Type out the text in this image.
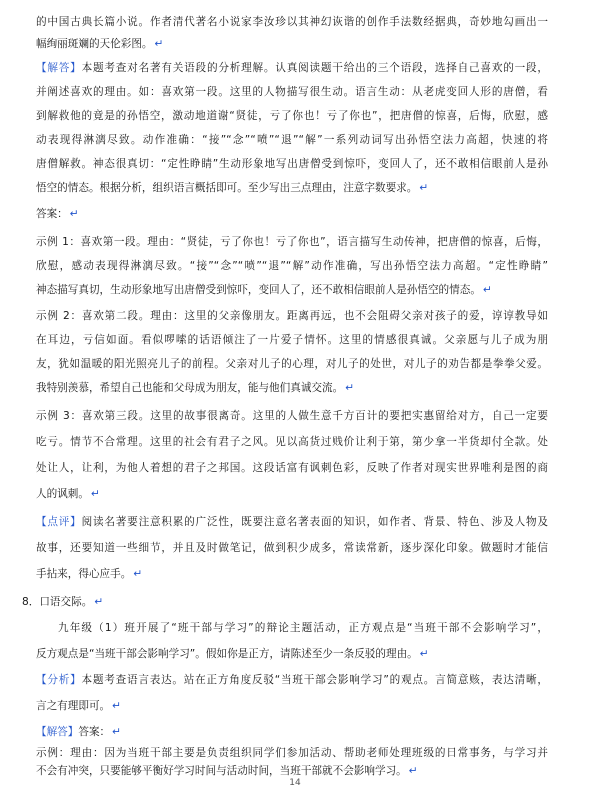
的中国古典长篇小说。作者清代著名小说家李汝珍以其神幻诙谐的创作手法数经据典，奇妙地勾画出一
幅绚丽斑斓的天伦彩图。 ↵
【解答】本题考查对名著有关语段的分析理解。认真阅读题干给出的三个语段，选择自己喜欢的一段，
并阐述喜欢的理由。如：喜欢第一段。这里的人物描写很生动。语言生动：从老虎变回人形的唐僧，看
到解救他的竟是的孙悟空，激动地道谢“贤徒，亏了你也！亏了你也”，把唐僧的惊喜，后悔，欣慰，感
动表现得淋漓尽致。动作准确：“接”“念”“喷”“退”“解”一系列动词写出孙悟空法力高超，快速的将
唐僧解救。神态很真切：“定性睁睛”生动形象地写出唐僧受到惊吓，变回人了，还不敢相信眼前人是孙
悟空的情态。根据分析，组织语言概括即可。至少写出三点理由，注意字数要求。 ↵
答案： ↵
示例 1：喜欢第一段。理由：“贤徒，亏了你也！亏了你也”，语言描写生动传神，把唐僧的惊喜，后悔，
欣慰，感动表现得淋漓尽致。“接”“念”“喷”“退”“解”动作准确，写出孙悟空法力高超。“定性睁睛”
神态描写真切，生动形象地写出唐僧受到惊吓，变回人了，还不敢相信眼前人是孙悟空的情态。 ↵
示例 2：喜欢第二段。理由：这里的父亲像朋友。距离再远，也不会阻碍父亲对孩子的爱，谆谆教导如
在耳边，亏信如面。看似啰嗦的话语倾注了一片爱子情怀。这里的情感很真诚。父亲愿与儿子成为朋
友，犹如温暖的阳光照亮儿子的前程。父亲对儿子的心理，对儿子的处世，对儿子的劝告都是拳拳父爱。
我特别羡慕，希望自己也能和父母成为朋友，能与他们真诚交流。 ↵
示例 3：喜欢第三段。这里的故事很离奇。这里的人做生意千方百计的要把实惠留给对方，自己一定要
吃亏。情节不合常理。这里的社会有君子之风。见以高货过贱价让利于第，第少拿一半货却付全款。处
处让人，让利，为他人着想的君子之邦国。这段话富有讽刺色彩，反映了作者对现实世界唯利是图的商
人的讽刺。 ↵
【点评】阅读名著要注意积累的广泛性，既要注意名著表面的知识，如作者、背景、特色、涉及人物及
故事，还要知道一些细节，并且及时做笔记，做到积少成多，常读常新，逐步深化印象。做题时才能信
手拈来，得心应手。 ↵
8．口语交际。 ↵
九年级（1）班开展了“班干部与学习”的辩论主题活动，正方观点是“当班干部不会影响学习”，
反方观点是“当班干部会影响学习”。假如你是正方，请陈述至少一条反驳的理由。 ↵
【分析】本题考查语言表达。站在正方角度反驳“当班干部会影响学习”的观点。言简意赅，表达清晰，
言之有理即可。 ↵
【解答】答案： ↵
示例：理由：因为当班干部主要是负责组织同学们参加活动、帮助老师处理班级的日常事务，与学习并
不会有冲突，只要能够平衡好学习时间与活动时间，当班干部就不会影响学习。 ↵
14
